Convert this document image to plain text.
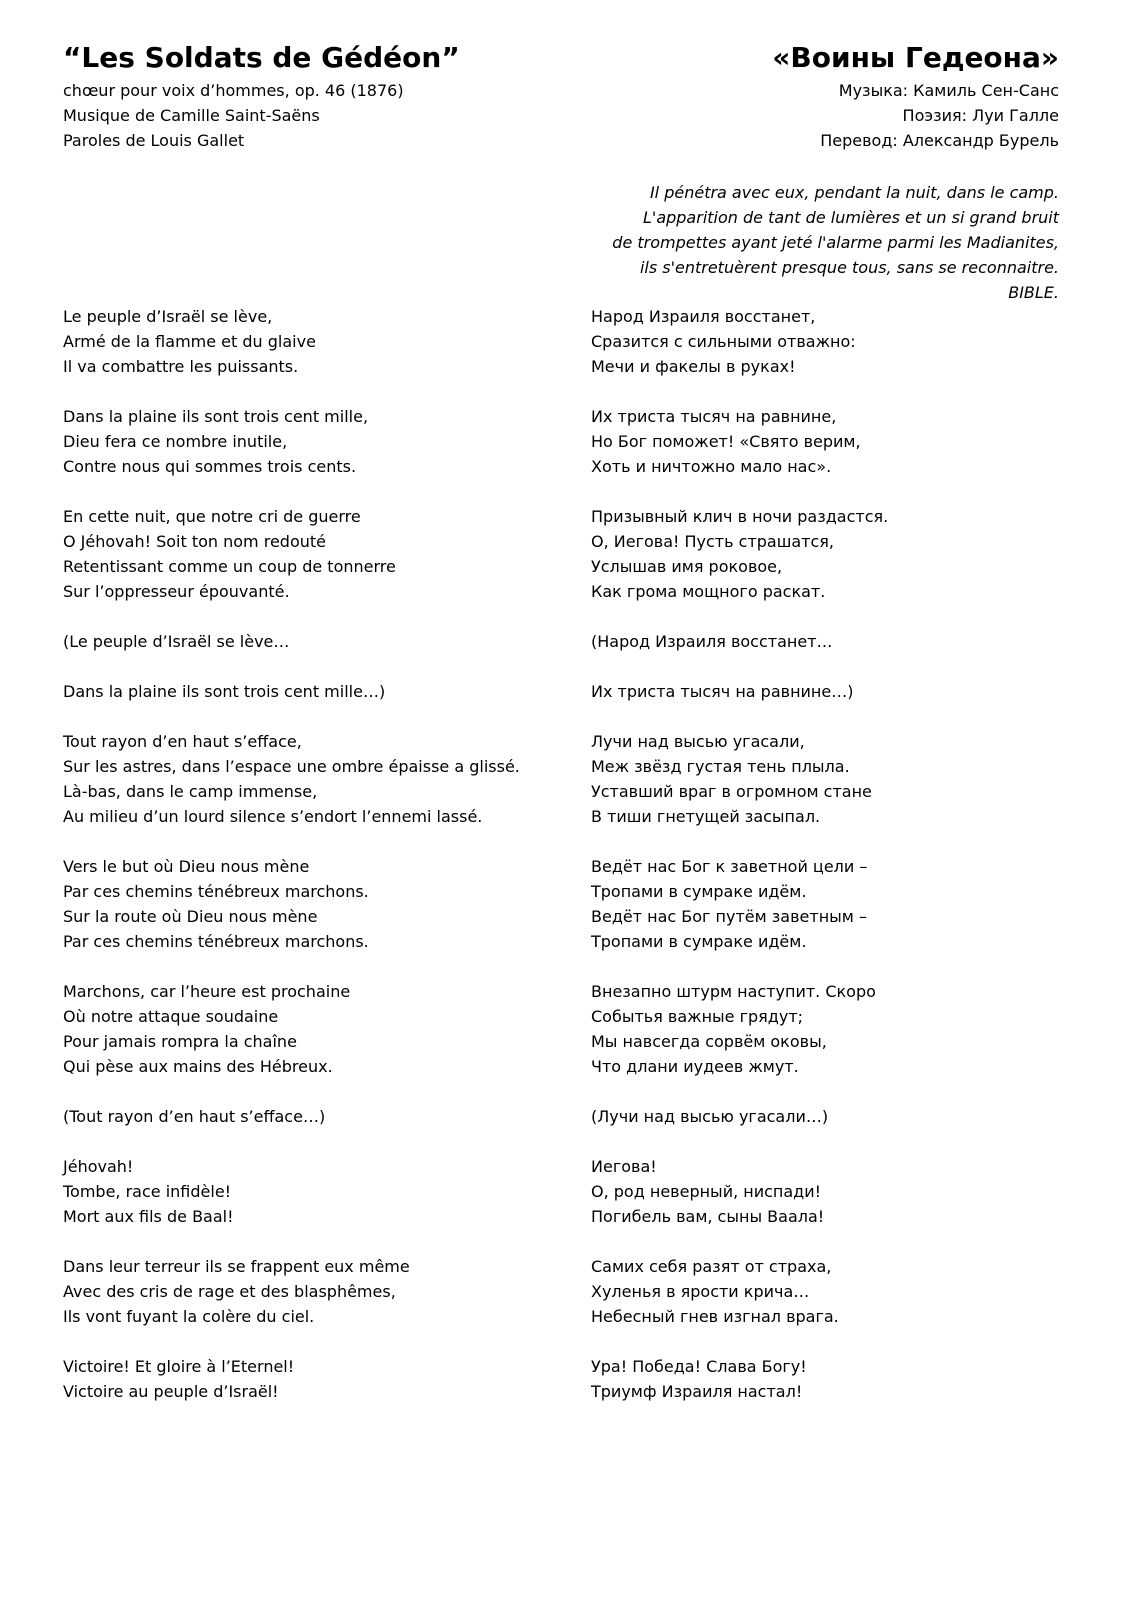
“Les Soldats de Gédéon”
chœur pour voix d’hommes, op. 46 (1876)
Musique de Camille Saint-Saëns
Paroles de Louis Gallet
«Воины Гедеона»
Музыка: Камиль Сен-Санс
Поэзия: Луи Галле
Перевод: Александр Бурель
Il pénétra avec eux, pendant la nuit, dans le camp.
L'apparition de tant de lumières et un si grand bruit
de trompettes ayant jeté l'alarme parmi les Madianites,
ils s'entretuèrent presque tous, sans se reconnaitre.
BIBLE.
Le peuple d’Israël se lève,
Armé de la flamme et du glaive
Il va combattre les puissants.
Dans la plaine ils sont trois cent mille,
Dieu fera ce nombre inutile,
Contre nous qui sommes trois cents.
En cette nuit, que notre cri de guerre
O Jéhovah! Soit ton nom redouté
Retentissant comme un coup de tonnerre
Sur l’oppresseur épouvanté.
(Le peuple d’Israël se lève…
Dans la plaine ils sont trois cent mille…)
Tout rayon d’en haut s’efface,
Sur les astres, dans l’espace une ombre épaisse a glissé.
Là-bas, dans le camp immense,
Au milieu d’un lourd silence s’endort l’ennemi lassé.
Vers le but où Dieu nous mène
Par ces chemins ténébreux marchons.
Sur la route où Dieu nous mène
Par ces chemins ténébreux marchons.
Marchons, car l’heure est prochaine
Où notre attaque soudaine
Pour jamais rompra la chaîne
Qui pèse aux mains des Hébreux.
(Tout rayon d’en haut s’efface…)
Jéhovah!
Tombe, race infidèle!
Mort aux fils de Baal!
Dans leur terreur ils se frappent eux même
Avec des cris de rage et des blasphêmes,
Ils vont fuyant la colère du ciel.
Victoire! Et gloire à l’Eternel!
Victoire au peuple d’Israël!
Народ Израиля восстанет,
Сразится с сильными отважно:
Мечи и факелы в руках!
Их триста тысяч на равнине,
Но Бог поможет! «Свято верим,
Хоть и ничтожно мало нас».
Призывный клич в ночи раздастся.
О, Иегова! Пусть страшатся,
Услышав имя роковое,
Как грома мощного раскат.
(Народ Израиля восстанет…
Их триста тысяч на равнине…)
Лучи над высью угасали,
Меж звёзд густая тень плыла.
Уставший враг в огромном стане
В тиши гнетущей засыпал.
Ведёт нас Бог к заветной цели –
Тропами в сумраке идём.
Ведёт нас Бог путём заветным –
Тропами в сумраке идём.
Внезапно штурм наступит. Скоро
Событья важные грядут;
Мы навсегда сорвём оковы,
Что длани иудеев жмут.
(Лучи над высью угасали…)
Иегова!
О, род неверный, ниспади!
Погибель вам, сыны Ваала!
Самих себя разят от страха,
Хуленья в ярости крича…
Небесный гнев изгнал врага.
Ура! Победа! Слава Богу!
Триумф Израиля настал!
